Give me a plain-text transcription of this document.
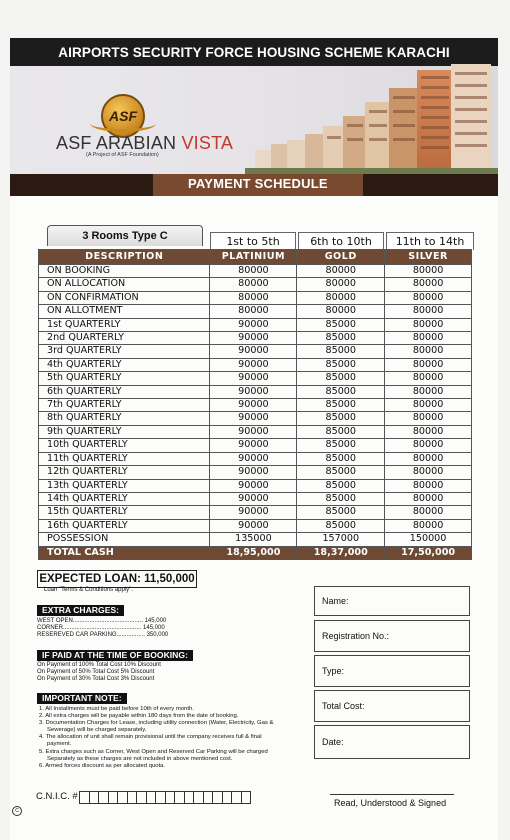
AIRPORTS SECURITY FORCE HOUSING SCHEME KARACHI
ASF
ASF ARABIAN VISTA
(A Project of ASF Foundation)
PAYMENT SCHEDULE
3 Rooms Type C	1st to 5th	6th to 10th	11th to 14th
DESCRIPTION	PLATINIUM	GOLD	SILVER
ON BOOKING	80000	80000	80000
ON ALLOCATION	80000	80000	80000
ON CONFIRMATION	80000	80000	80000
ON ALLOTMENT	80000	80000	80000
1st QUARTERLY	90000	85000	80000
2nd QUARTERLY	90000	85000	80000
3rd QUARTERLY	90000	85000	80000
4th QUARTERLY	90000	85000	80000
5th QUARTERLY	90000	85000	80000
6th QUARTERLY	90000	85000	80000
7th QUARTERLY	90000	85000	80000
8th QUARTERLY	90000	85000	80000
9th QUARTERLY	90000	85000	80000
10th QUARTERLY	90000	85000	80000
11th QUARTERLY	90000	85000	80000
12th QUARTERLY	90000	85000	80000
13th QUARTERLY	90000	85000	80000
14th QUARTERLY	90000	85000	80000
15th QUARTERLY	90000	85000	80000
16th QUARTERLY	90000	85000	80000
POSSESSION	135000	157000	150000
TOTAL CASH	18,95,000	18,37,000	17,50,000
EXPECTED LOAN: 11,50,000
Loan "Terms & Conditions apply".
EXTRA CHARGES:
WEST OPEN.......................................... 145,000
CORNER............................................... 145,000
RESEREVED CAR PARKING................. 350,000
IF PAID AT THE TIME OF BOOKING:
On Payment of 100% Total Cost 10% Discount
On Payment of 50% Total Cost 5% Discount
On Payment of 30% Total Cost 3% Discount
IMPORTANT NOTE:
1. All Installments must be paid before 10th of every month.
2. All extra charges will be payable within 180 days from the date of booking.
3. Documentation Charges for Lease, including utility connection (Water, Electricity, Gas & Sewerage) will be charged separately.
4. The allocation of unit shall remain provisional until the company receives full & final payment.
5. Extra charges such as Corner, West Open and Reserved Car Parking will be charged Separately as these charges are not included in above mentioned cost.
6. Armed forces discount as per allocated quota.
Name:
Registration No.:
Type:
Total Cost:
Date:
C.N.I.C. #
Read, Understood & Signed
C
